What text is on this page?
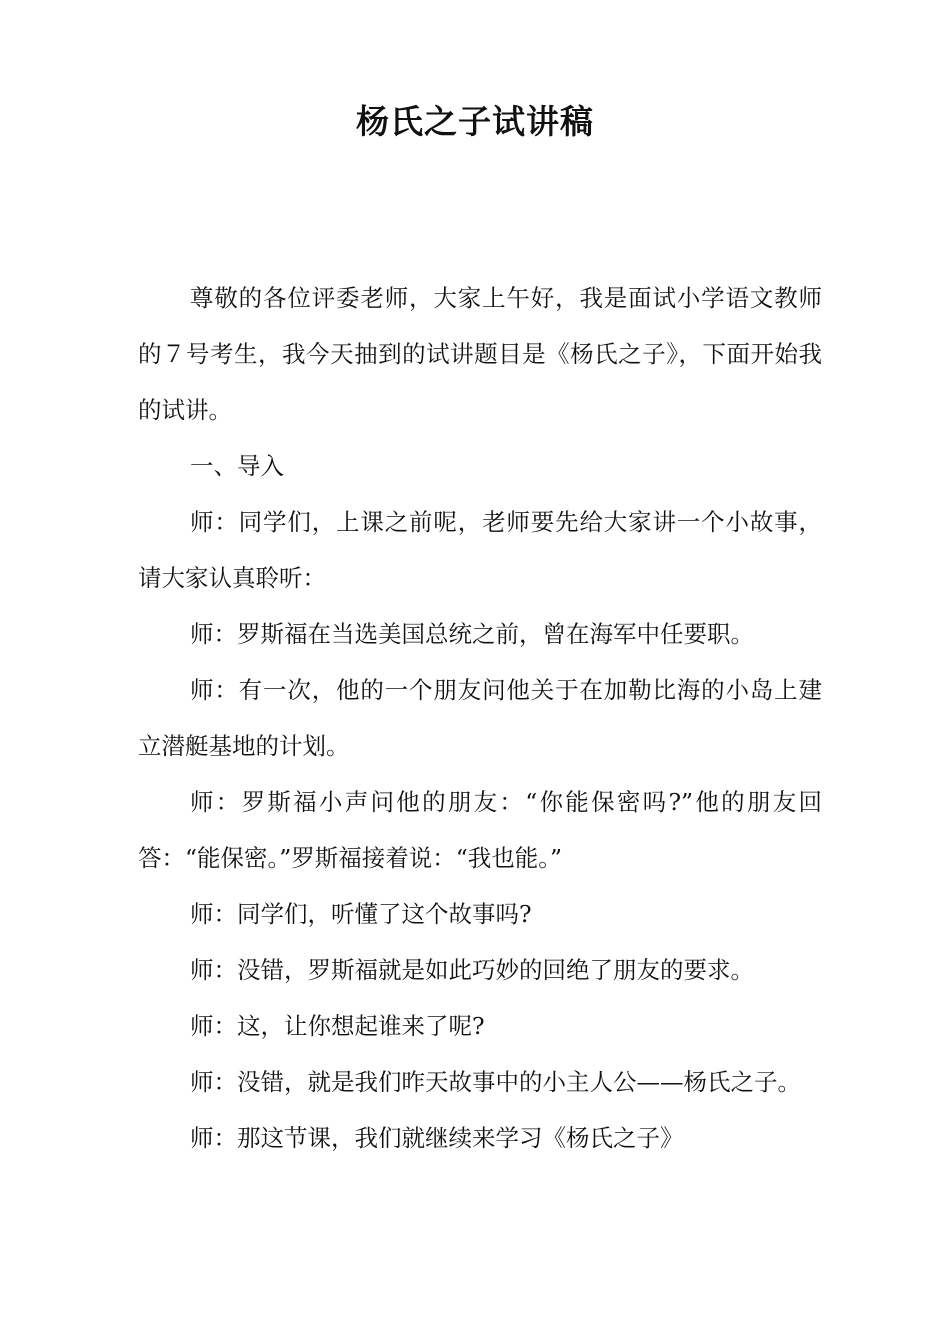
杨氏之子试讲稿

尊敬的各位评委老师，大家上午好，我是面试小学语文教师的７号考生，我今天抽到的试讲题目是《杨氏之子》，下面开始我的试讲。

一、导入

师：同学们，上课之前呢，老师要先给大家讲一个小故事，请大家认真聆听：

师：罗斯福在当选美国总统之前，曾在海军中任要职。

师：有一次，他的一个朋友问他关于在加勒比海的小岛上建立潜艇基地的计划。

师：罗斯福小声问他的朋友：“你能保密吗?”他的朋友回答：“能保密。”罗斯福接着说：“我也能。”

师：同学们，听懂了这个故事吗?

师：没错，罗斯福就是如此巧妙的回绝了朋友的要求。

师：这，让你想起谁来了呢?

师：没错，就是我们昨天故事中的小主人公——杨氏之子。

师：那这节课，我们就继续来学习《杨氏之子》
